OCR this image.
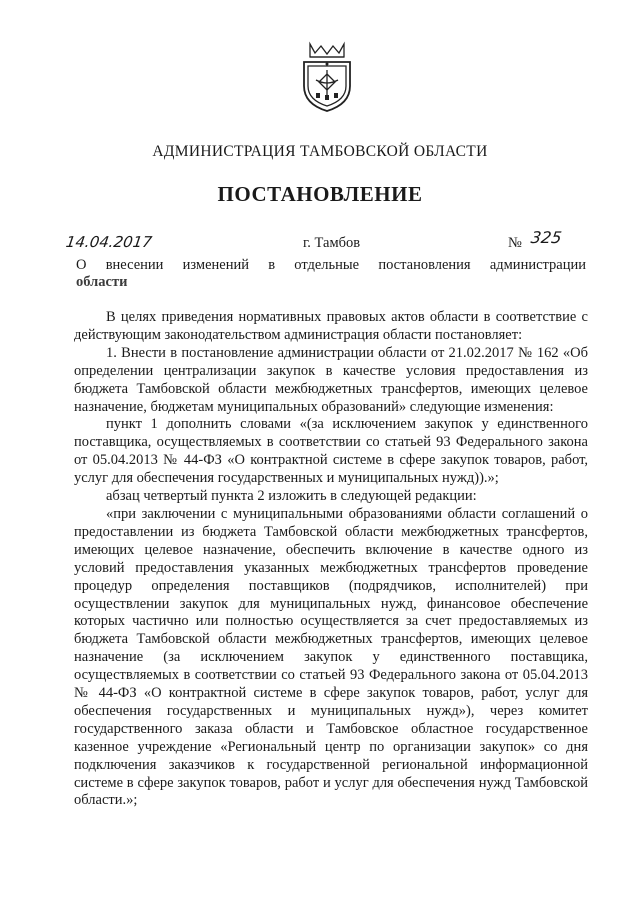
АДМИНИСТРАЦИЯ ТАМБОВСКОЙ ОБЛАСТИ
ПОСТАНОВЛЕНИЕ
14.04.2017	г. Тамбов	№ 325
О внесении изменений в отдельные постановления администрации
области

В целях приведения нормативных правовых актов области в соответствие с действующим законодательством администрация области постановляет:

1. Внести в постановление администрации области от 21.02.2017 № 162 «Об определении централизации закупок в качестве условия предоставления из бюджета Тамбовской области межбюджетных трансфертов, имеющих целевое назначение, бюджетам муниципальных образований» следующие изменения:

пункт 1 дополнить словами «(за исключением закупок у единственного поставщика, осуществляемых в соответствии со статьей 93 Федерального закона от 05.04.2013 № 44-ФЗ «О контрактной системе в сфере закупок товаров, работ, услуг для обеспечения государственных и муниципальных нужд)).»;

абзац четвертый пункта 2 изложить в следующей редакции:

«при заключении с муниципальными образованиями области соглашений о предоставлении из бюджета Тамбовской области межбюджетных трансфертов, имеющих целевое назначение, обеспечить включение в качестве одного из условий предоставления указанных межбюджетных трансфертов проведение процедур определения поставщиков (подрядчиков, исполнителей) при осуществлении закупок для муниципальных нужд, финансовое обеспечение которых частично или полностью осуществляется за счет предоставляемых из бюджета Тамбовской области межбюджетных трансфертов, имеющих целевое назначение (за исключением закупок у единственного поставщика, осуществляемых в соответствии со статьей 93 Федерального закона от 05.04.2013 № 44-ФЗ «О контрактной системе в сфере закупок товаров, работ, услуг для обеспечения государственных и муниципальных нужд»), через комитет государственного заказа области и Тамбовское областное государственное казенное учреждение «Региональный центр по организации закупок» со дня подключения заказчиков к государственной региональной информационной системе в сфере закупок товаров, работ и услуг для обеспечения нужд Тамбовской области.»;
